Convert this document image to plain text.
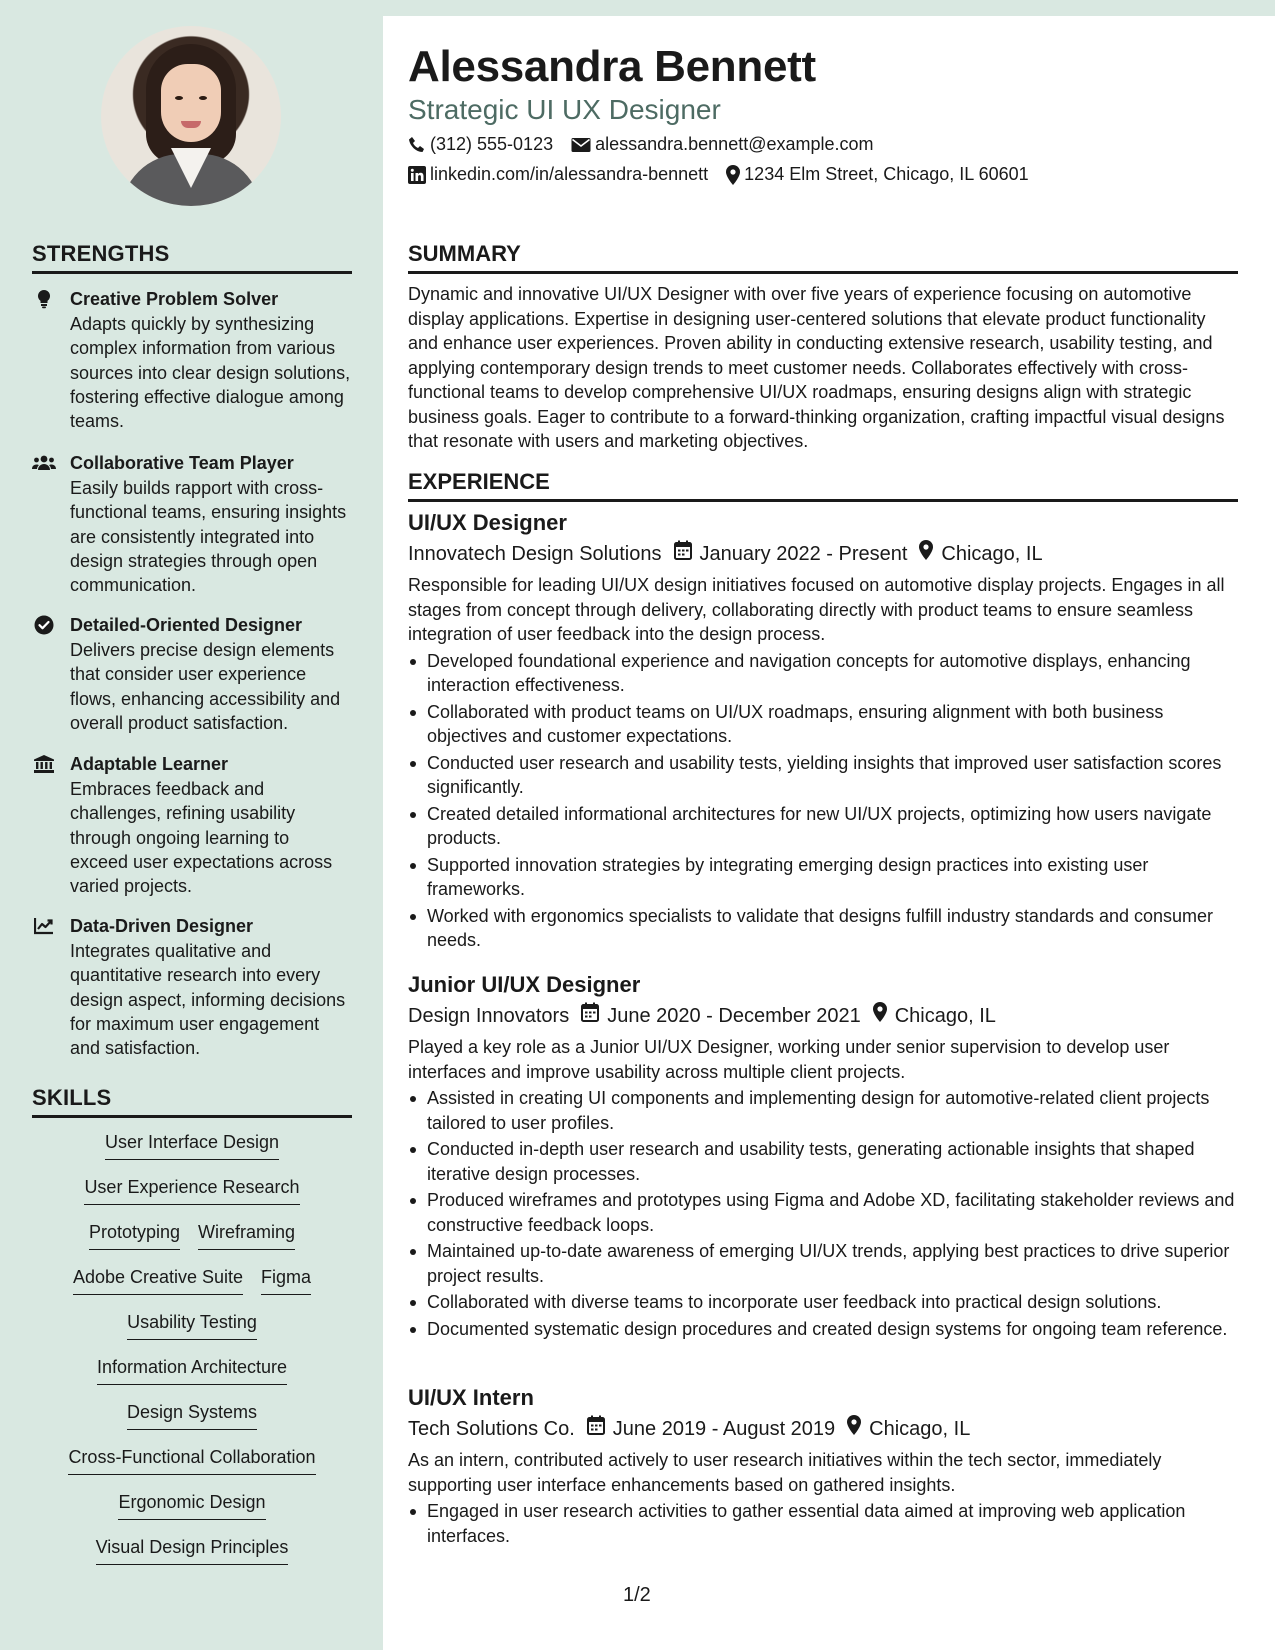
STRENGTHS
Creative Problem Solver
Adapts quickly by synthesizing complex information from various sources into clear design solutions, fostering effective dialogue among teams.
Collaborative Team Player
Easily builds rapport with cross-functional teams, ensuring insights are consistently integrated into design strategies through open communication.
Detailed-Oriented Designer
Delivers precise design elements that consider user experience flows, enhancing accessibility and overall product satisfaction.
Adaptable Learner
Embraces feedback and challenges, refining usability through ongoing learning to exceed user expectations across varied projects.
Data-Driven Designer
Integrates qualitative and quantitative research into every design aspect, informing decisions for maximum user engagement and satisfaction.
SKILLS
User Interface Design
User Experience Research
Prototyping Wireframing
Adobe Creative Suite Figma
Usability Testing
Information Architecture
Design Systems
Cross-Functional Collaboration
Ergonomic Design
Visual Design Principles
Alessandra Bennett
Strategic UI UX Designer
(312) 555-0123 alessandra.bennett@example.com
linkedin.com/in/alessandra-bennett 1234 Elm Street, Chicago, IL 60601
SUMMARY
Dynamic and innovative UI/UX Designer with over five years of experience focusing on automotive display applications. Expertise in designing user-centered solutions that elevate product functionality and enhance user experiences. Proven ability in conducting extensive research, usability testing, and applying contemporary design trends to meet customer needs. Collaborates effectively with cross-functional teams to develop comprehensive UI/UX roadmaps, ensuring designs align with strategic business goals. Eager to contribute to a forward-thinking organization, crafting impactful visual designs that resonate with users and marketing objectives.
EXPERIENCE
UI/UX Designer
Innovatech Design Solutions January 2022 - Present Chicago, IL
Responsible for leading UI/UX design initiatives focused on automotive display projects. Engages in all stages from concept through delivery, collaborating directly with product teams to ensure seamless integration of user feedback into the design process.
Developed foundational experience and navigation concepts for automotive displays, enhancing interaction effectiveness.
Collaborated with product teams on UI/UX roadmaps, ensuring alignment with both business objectives and customer expectations.
Conducted user research and usability tests, yielding insights that improved user satisfaction scores significantly.
Created detailed informational architectures for new UI/UX projects, optimizing how users navigate products.
Supported innovation strategies by integrating emerging design practices into existing user frameworks.
Worked with ergonomics specialists to validate that designs fulfill industry standards and consumer needs.
Junior UI/UX Designer
Design Innovators June 2020 - December 2021 Chicago, IL
Played a key role as a Junior UI/UX Designer, working under senior supervision to develop user interfaces and improve usability across multiple client projects.
Assisted in creating UI components and implementing design for automotive-related client projects tailored to user profiles.
Conducted in-depth user research and usability tests, generating actionable insights that shaped iterative design processes.
Produced wireframes and prototypes using Figma and Adobe XD, facilitating stakeholder reviews and constructive feedback loops.
Maintained up-to-date awareness of emerging UI/UX trends, applying best practices to drive superior project results.
Collaborated with diverse teams to incorporate user feedback into practical design solutions.
Documented systematic design procedures and created design systems for ongoing team reference.
UI/UX Intern
Tech Solutions Co. June 2019 - August 2019 Chicago, IL
As an intern, contributed actively to user research initiatives within the tech sector, immediately supporting user interface enhancements based on gathered insights.
Engaged in user research activities to gather essential data aimed at improving web application interfaces.
1/2
